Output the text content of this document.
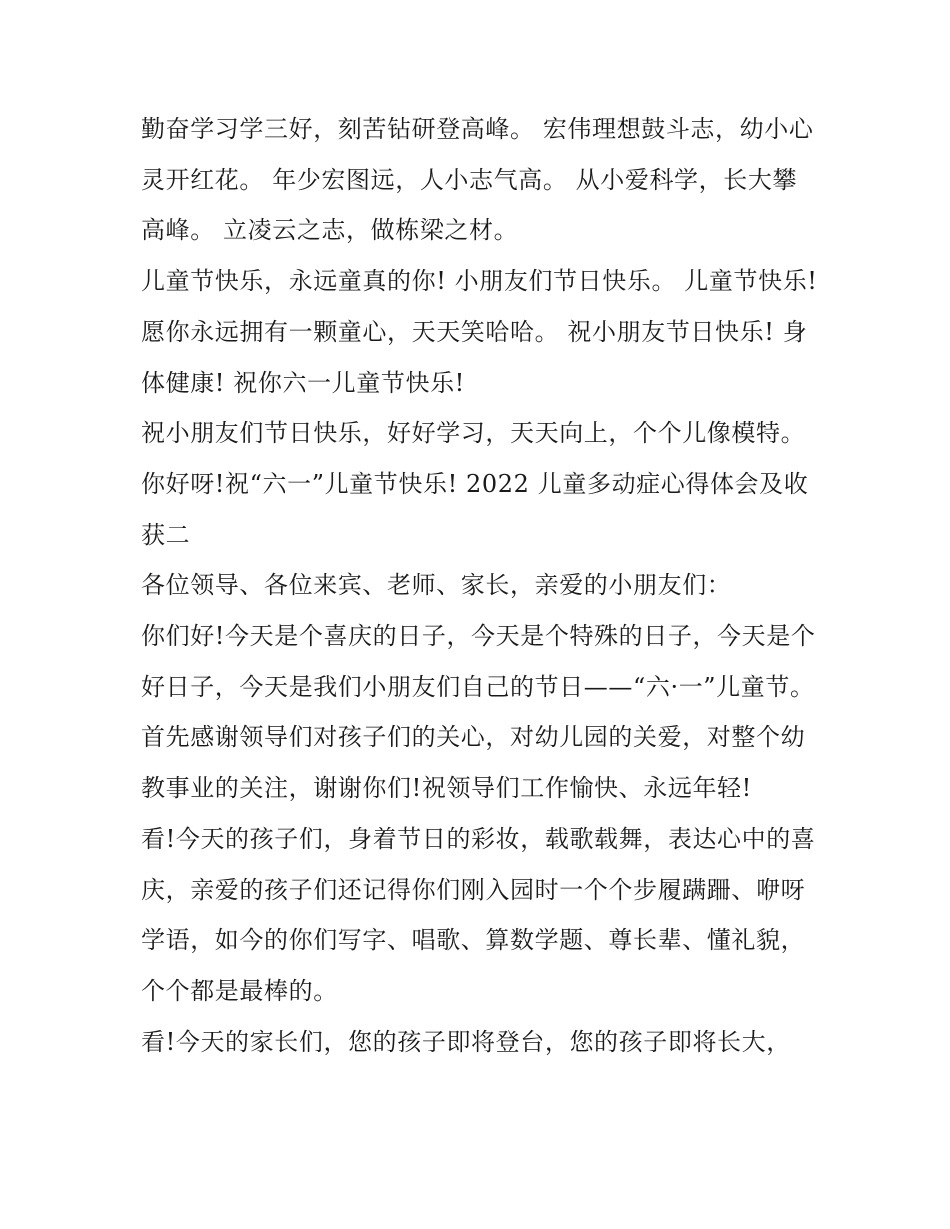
勤奋学习学三好，刻苦钻研登高峰。 宏伟理想鼓斗志，幼小心灵开红花。 年少宏图远，人小志气高。 从小爱科学，长大攀高峰。 立凌云之志，做栋梁之材。

儿童节快乐，永远童真的你! 小朋友们节日快乐。 儿童节快乐!愿你永远拥有一颗童心，天天笑哈哈。 祝小朋友节日快乐! 身体健康! 祝你六一儿童节快乐!

祝小朋友们节日快乐，好好学习，天天向上，个个儿像模特。你好呀!祝“六一”儿童节快乐! 2022 儿童多动症心得体会及收获二

各位领导、各位来宾、老师、家长，亲爱的小朋友们：

你们好!今天是个喜庆的日子，今天是个特殊的日子，今天是个好日子，今天是我们小朋友们自己的节日——“六·一”儿童节。

首先感谢领导们对孩子们的关心，对幼儿园的关爱，对整个幼教事业的关注，谢谢你们!祝领导们工作愉快、永远年轻!

看!今天的孩子们，身着节日的彩妆，载歌载舞，表达心中的喜庆，亲爱的孩子们还记得你们刚入园时一个个步履蹒跚、咿呀学语，如今的你们写字、唱歌、算数学题、尊长辈、懂礼貌，个个都是最棒的。

看!今天的家长们，您的孩子即将登台，您的孩子即将长大，
